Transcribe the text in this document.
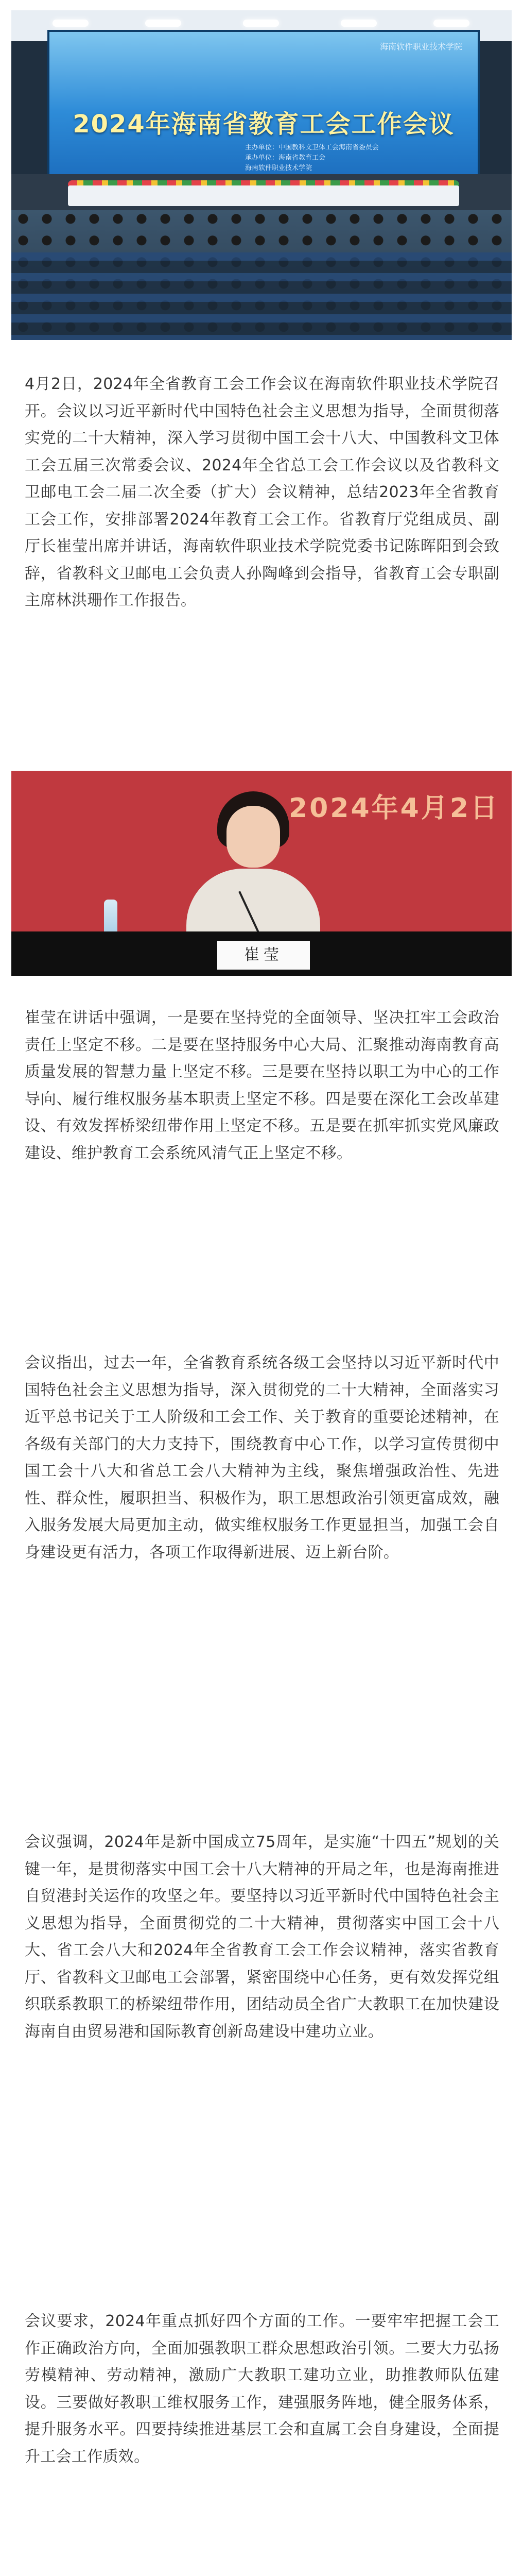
海南软件职业技术学院
2024年海南省教育工会工作会议
主办单位：中国教科文卫体工会海南省委员会
承办单位：海南省教育工会
海南软件职业技术学院

4月2日，2024年全省教育工会工作会议在海南软件职业技术学院召开。会议以习近平新时代中国特色社会主义思想为指导，全面贯彻落实党的二十大精神，深入学习贯彻中国工会十八大、中国教科文卫体工会五届三次常委会议、2024年全省总工会工作会议以及省教科文卫邮电工会二届二次全委（扩大）会议精神，总结2023年全省教育工会工作，安排部署2024年教育工会工作。省教育厅党组成员、副厅长崔莹出席并讲话，海南软件职业技术学院党委书记陈晖阳到会致辞，省教科文卫邮电工会负责人孙陶峰到会指导，省教育工会专职副主席林洪珊作工作报告。

2024年4月2日
崔莹

崔莹在讲话中强调，一是要在坚持党的全面领导、坚决扛牢工会政治责任上坚定不移。二是要在坚持服务中心大局、汇聚推动海南教育高质量发展的智慧力量上坚定不移。三是要在坚持以职工为中心的工作导向、履行维权服务基本职责上坚定不移。四是要在深化工会改革建设、有效发挥桥梁纽带作用上坚定不移。五是要在抓牢抓实党风廉政建设、维护教育工会系统风清气正上坚定不移。

会议指出，过去一年，全省教育系统各级工会坚持以习近平新时代中国特色社会主义思想为指导，深入贯彻党的二十大精神，全面落实习近平总书记关于工人阶级和工会工作、关于教育的重要论述精神，在各级有关部门的大力支持下，围绕教育中心工作，以学习宣传贯彻中国工会十八大和省总工会八大精神为主线，聚焦增强政治性、先进性、群众性，履职担当、积极作为，职工思想政治引领更富成效，融入服务发展大局更加主动，做实维权服务工作更显担当，加强工会自身建设更有活力，各项工作取得新进展、迈上新台阶。

会议强调，2024年是新中国成立75周年，是实施“十四五”规划的关键一年，是贯彻落实中国工会十八大精神的开局之年，也是海南推进自贸港封关运作的攻坚之年。要坚持以习近平新时代中国特色社会主义思想为指导，全面贯彻党的二十大精神，贯彻落实中国工会十八大、省工会八大和2024年全省教育工会工作会议精神，落实省教育厅、省教科文卫邮电工会部署，紧密围绕中心任务，更有效发挥党组织联系教职工的桥梁纽带作用，团结动员全省广大教职工在加快建设海南自由贸易港和国际教育创新岛建设中建功立业。

会议要求，2024年重点抓好四个方面的工作。一要牢牢把握工会工作正确政治方向，全面加强教职工群众思想政治引领。二要大力弘扬劳模精神、劳动精神，激励广大教职工建功立业，助推教师队伍建设。三要做好教职工维权服务工作，建强服务阵地，健全服务体系，提升服务水平。四要持续推进基层工会和直属工会自身建设，全面提升工会工作质效。
